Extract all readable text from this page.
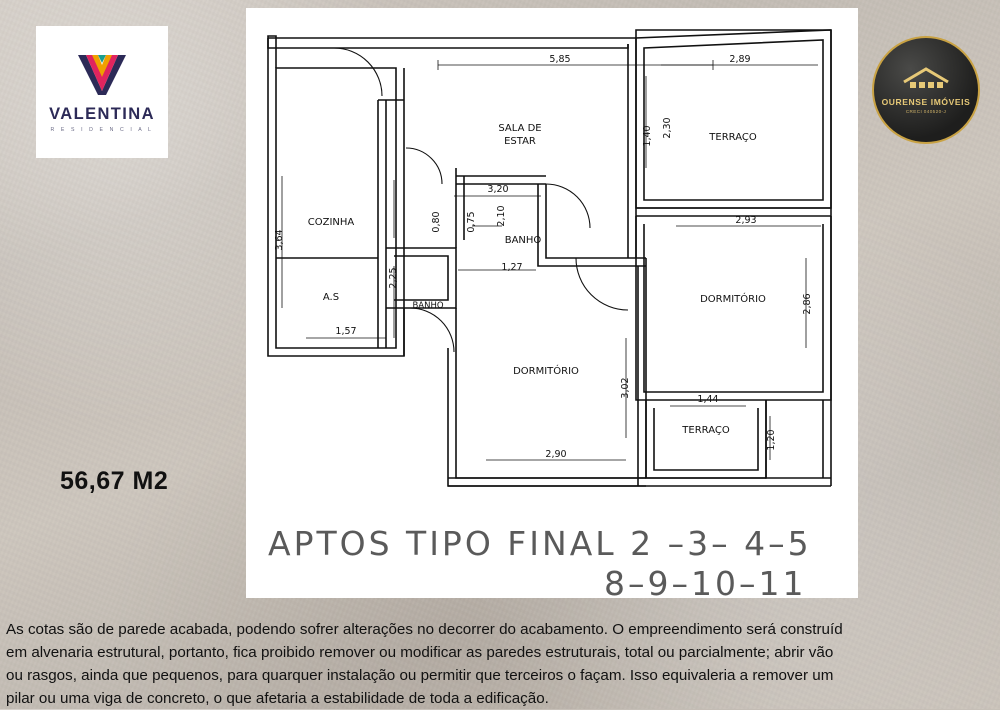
VALENTINA
R E S I D E N C I A L
OURENSE IMÓVEIS
CRECI 040520-J
56,67 M2
5,85	2,89
2,30
1,40
3,20
0,75 2,10
0,80	2,93
1,27
3,64
2,25
1,57
2,86
3,02
1,44
1,20
2,90
SALA DE
ESTAR	TERRAÇO
COZINHA
A.S
BANHO
BANHO
DORMITÓRIO
DORMITÓRIO
TERRAÇO
APTOS TIPO FINAL 2 –3– 4–5
8–9–10–11

As cotas são de parede acabada, podendo sofrer alterações no decorrer do acabamento. O empreendimento será construíd

em alvenaria estrutural, portanto, fica proibido remover ou modificar as paredes estruturais, total ou parcialmente; abrir vão

ou rasgos, ainda que pequenos, para quarquer instalação ou permitir que terceiros o façam. Isso equivaleria a remover um

pilar ou uma viga de concreto, o que afetaria a estabilidade de toda a edificação.
